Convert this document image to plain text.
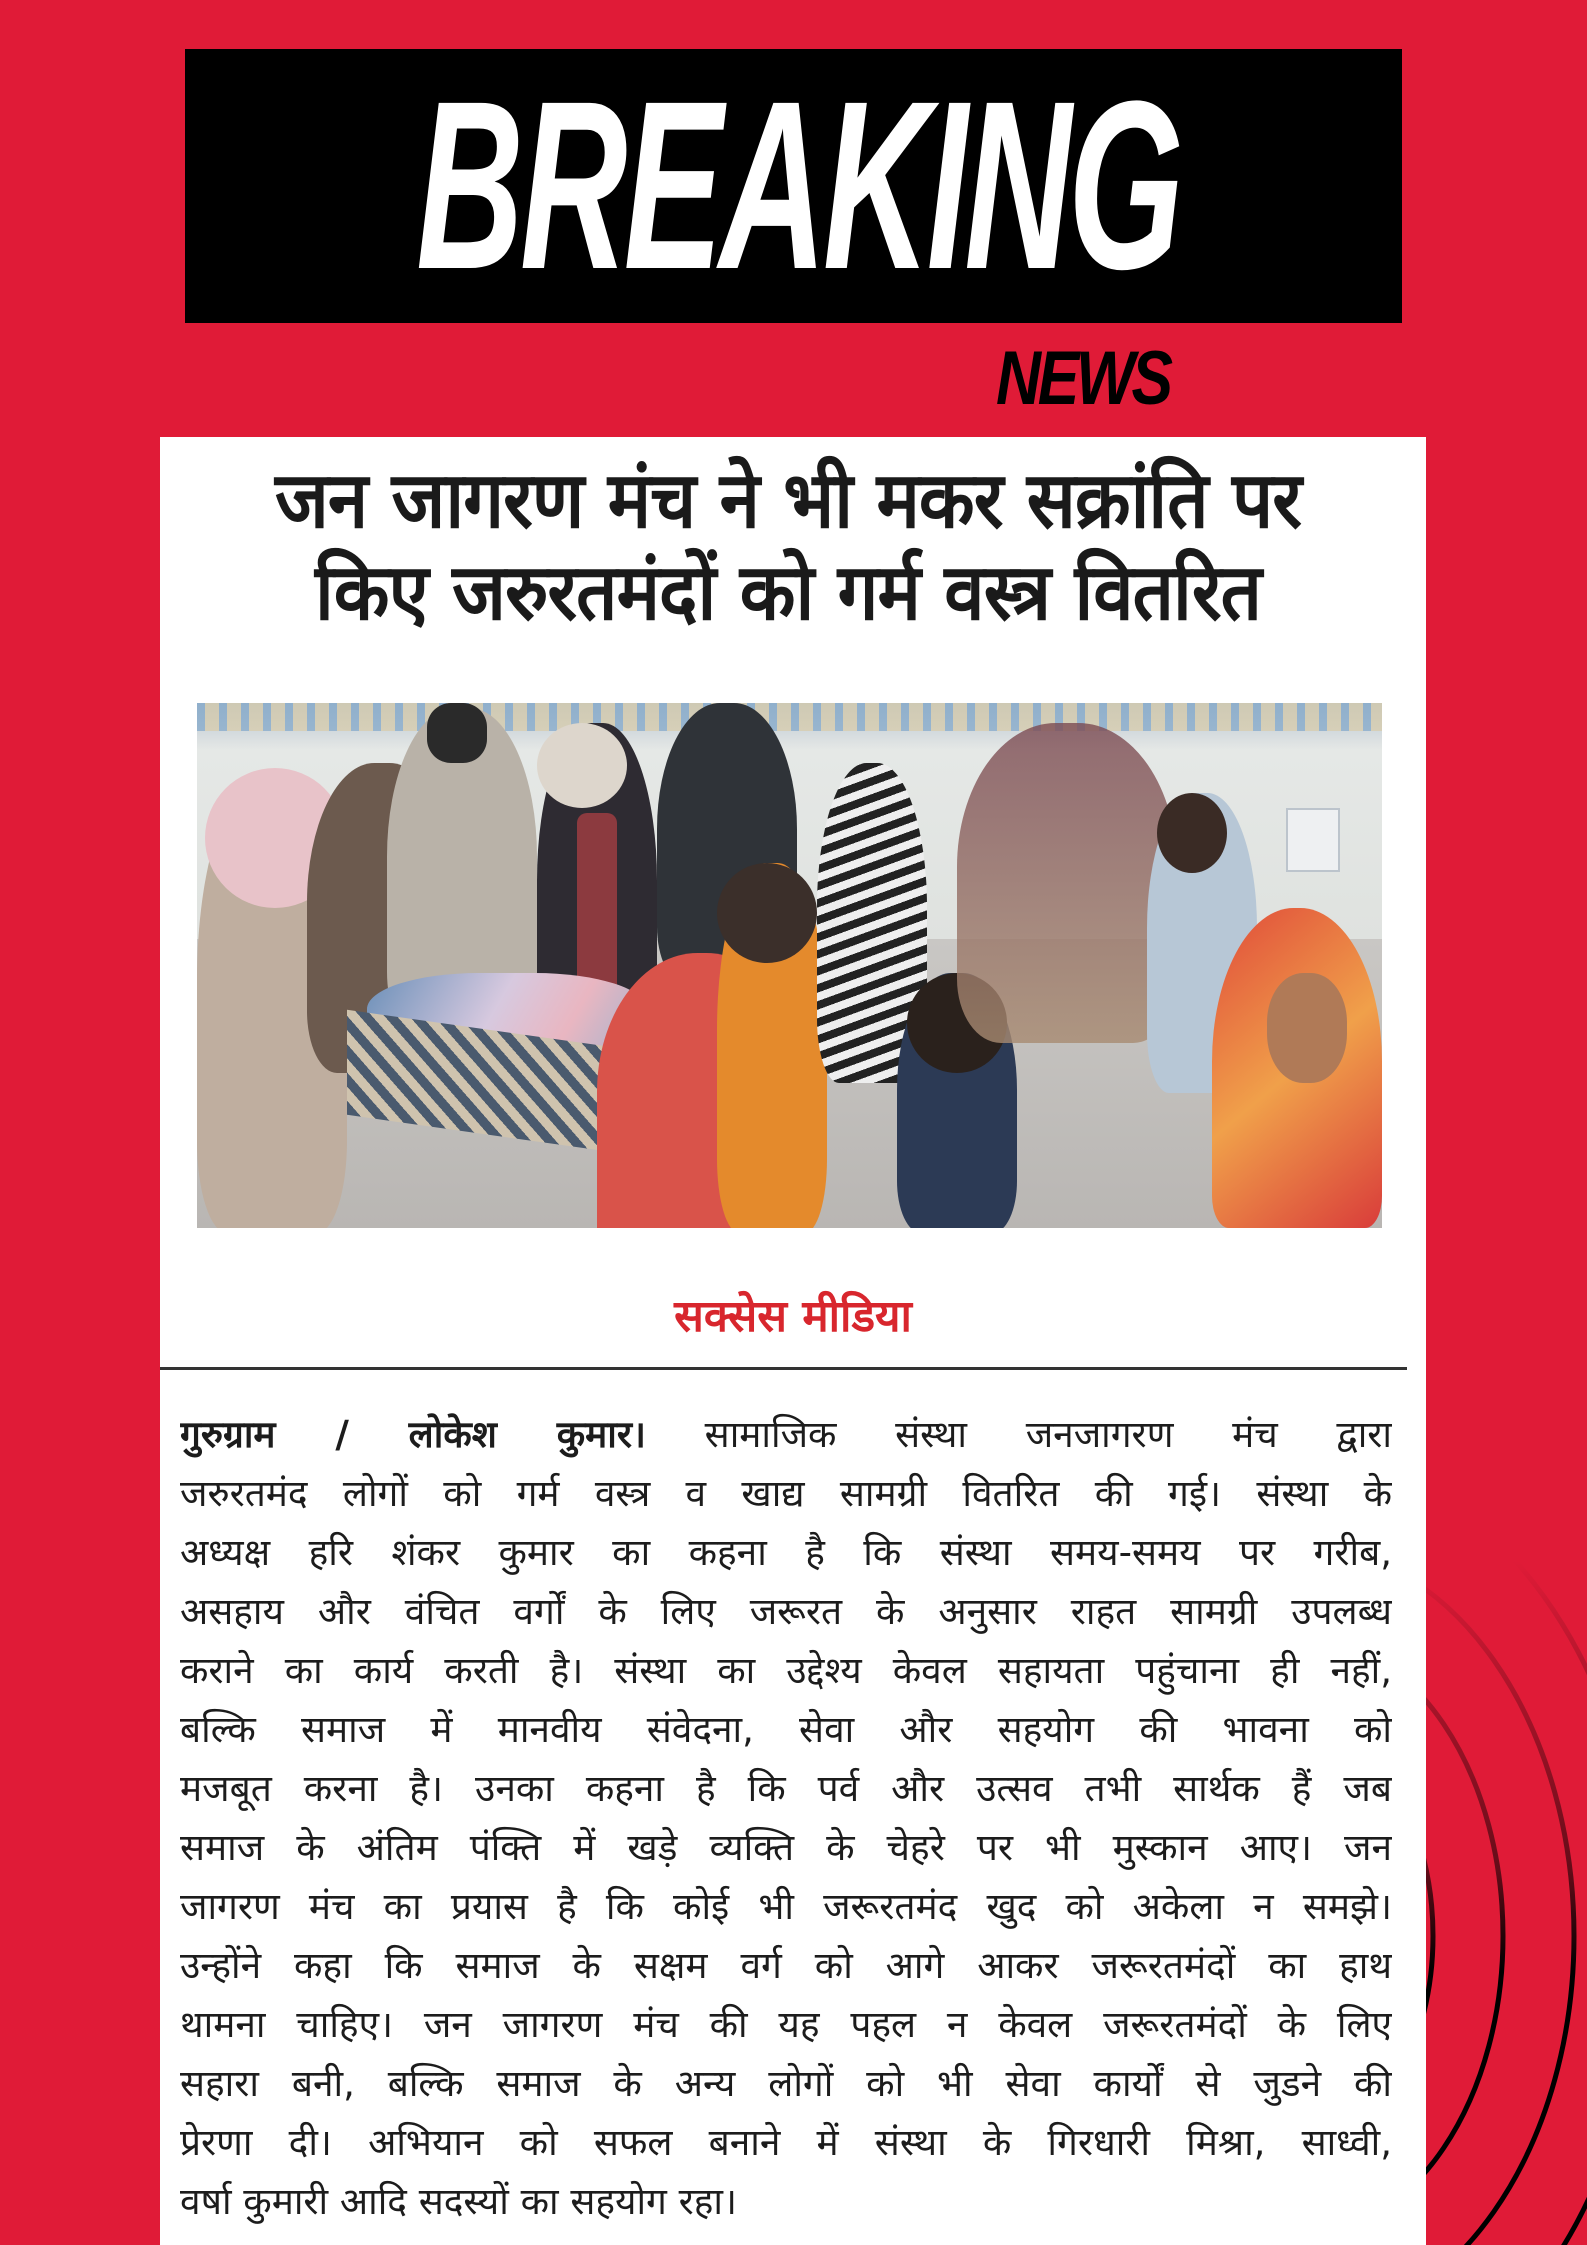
BREAKING
NEWS
जन जागरण मंच ने भी मकर सक्रांति पर
किए जरुरतमंदों को गर्म वस्त्र वितरित
सक्सेस मीडिया
गुरुग्राम / लोकेश कुमार। सामाजिक संस्था जनजागरण मंच द्वारा
जरुरतमंद लोगों को गर्म वस्त्र व खाद्य सामग्री वितरित की गई। संस्था के
अध्यक्ष हरि शंकर कुमार का कहना है कि संस्था समय-समय पर गरीब,
असहाय और वंचित वर्गों के लिए जरूरत के अनुसार राहत सामग्री उपलब्ध
कराने का कार्य करती है। संस्था का उद्देश्य केवल सहायता पहुंचाना ही नहीं,
बल्कि समाज में मानवीय संवेदना, सेवा और सहयोग की भावना को
मजबूत करना है। उनका कहना है कि पर्व और उत्सव तभी सार्थक हैं जब
समाज के अंतिम पंक्ति में खड़े व्यक्ति के चेहरे पर भी मुस्कान आए। जन
जागरण मंच का प्रयास है कि कोई भी जरूरतमंद खुद को अकेला न समझे।
उन्होंने कहा कि समाज के सक्षम वर्ग को आगे आकर जरूरतमंदों का हाथ
थामना चाहिए। जन जागरण मंच की यह पहल न केवल जरूरतमंदों के लिए
सहारा बनी, बल्कि समाज के अन्य लोगों को भी सेवा कार्यों से जुडने की
प्रेरणा दी। अभियान को सफल बनाने में संस्था के गिरधारी मिश्रा, साध्वी,
वर्षा कुमारी आदि सदस्यों का सहयोग रहा।
